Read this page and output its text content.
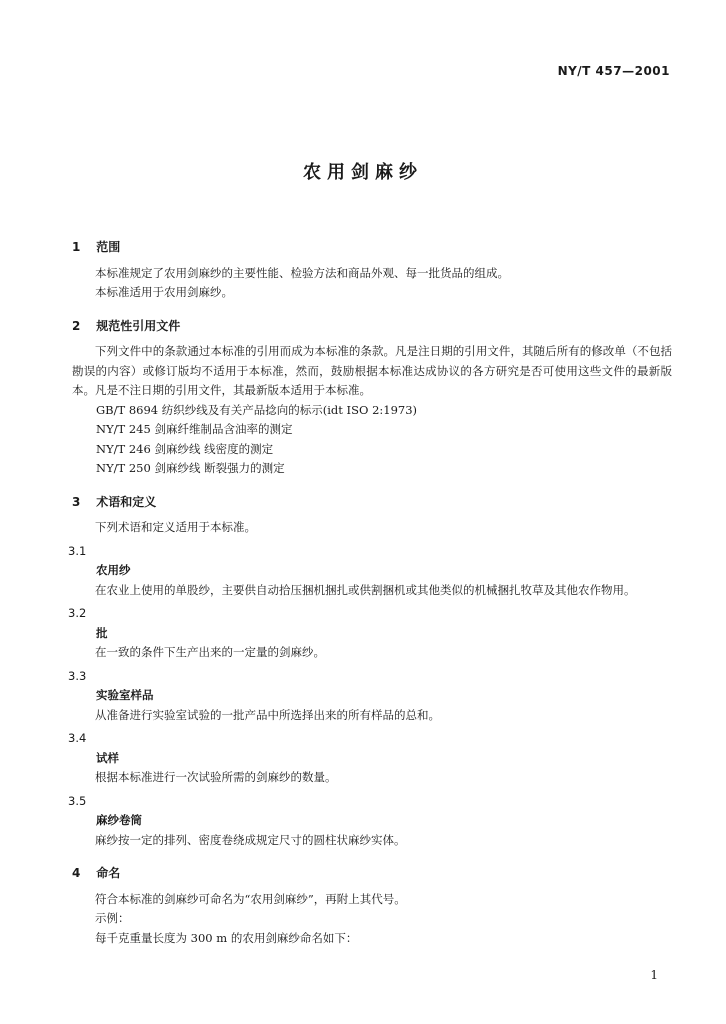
NY/T 457—2001
农用剑麻纱
1 范围

本标准规定了农用剑麻纱的主要性能、检验方法和商品外观、每一批货品的组成。

本标准适用于农用剑麻纱。

2 规范性引用文件

下列文件中的条款通过本标准的引用而成为本标准的条款。凡是注日期的引用文件，其随后所有的修改单（不包括勘误的内容）或修订版均不适用于本标准，然而，鼓励根据本标准达成协议的各方研究是否可使用这些文件的最新版本。凡是不注日期的引用文件，其最新版本适用于本标准。

GB/T 8694 纺织纱线及有关产品捻向的标示(idt ISO 2:1973)

NY/T 245 剑麻纤维制品含油率的测定

NY/T 246 剑麻纱线 线密度的测定

NY/T 250 剑麻纱线 断裂强力的测定

3 术语和定义

下列术语和定义适用于本标准。

3.1
农用纱

在农业上使用的单股纱，主要供自动拾压捆机捆扎或供割捆机或其他类似的机械捆扎牧草及其他农作物用。

3.2
批

在一致的条件下生产出来的一定量的剑麻纱。

3.3
实验室样品

从准备进行实验室试验的一批产品中所选择出来的所有样品的总和。

3.4
试样

根据本标准进行一次试验所需的剑麻纱的数量。

3.5
麻纱卷筒

麻纱按一定的排列、密度卷绕成规定尺寸的圆柱状麻纱实体。

4 命名

符合本标准的剑麻纱可命名为“农用剑麻纱”，再附上其代号。

示例：

每千克重量长度为 300 m 的农用剑麻纱命名如下：

1
